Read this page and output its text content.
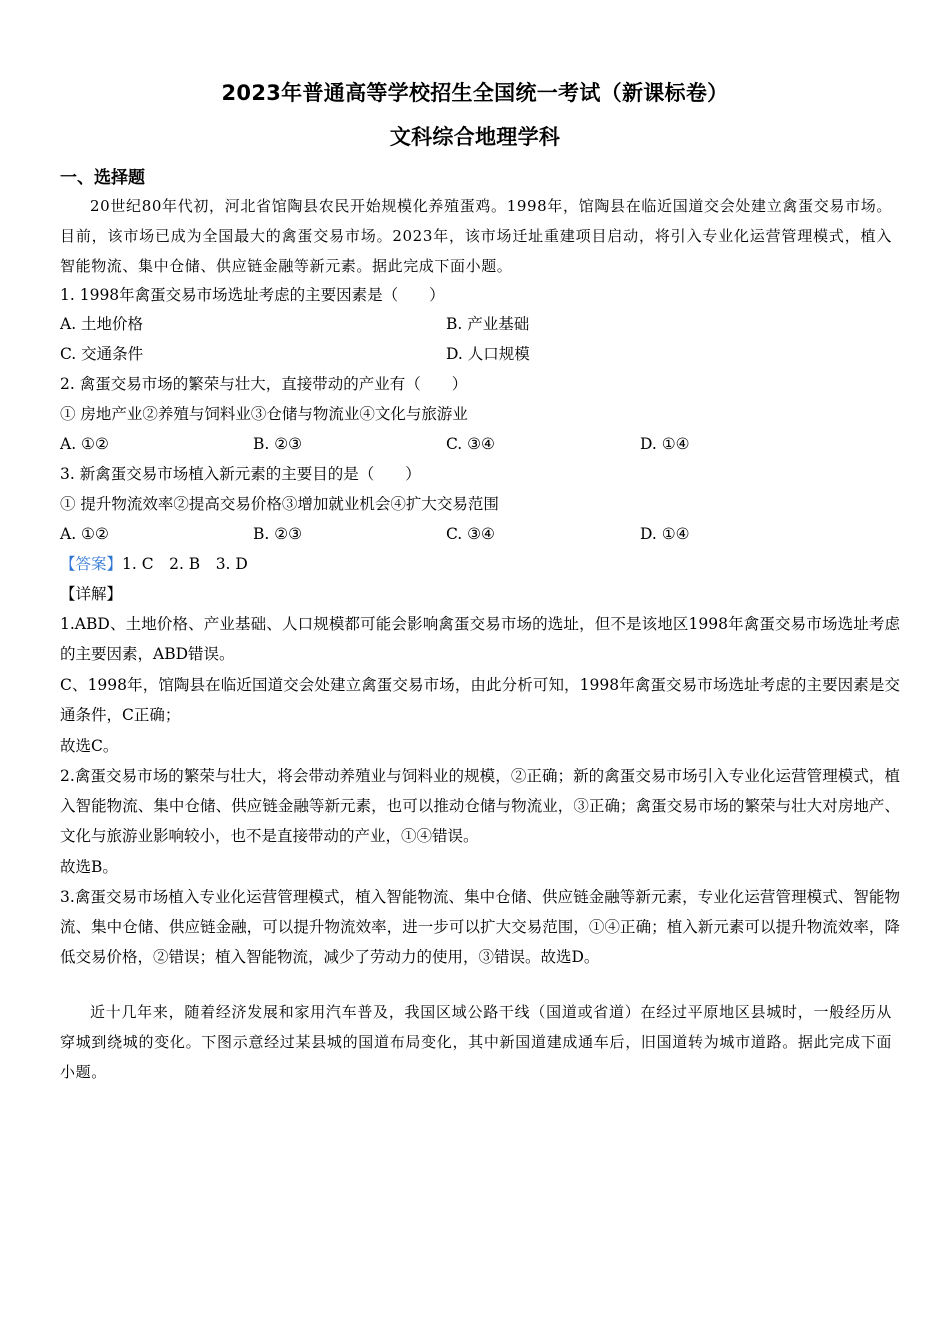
2023年普通高等学校招生全国统一考试（新课标卷）
文科综合地理学科
一、选择题
20世纪80年代初，河北省馆陶县农民开始规模化养殖蛋鸡。1998年，馆陶县在临近国道交会处建立禽蛋交易市场。目前，该市场已成为全国最大的禽蛋交易市场。2023年，该市场迁址重建项目启动，将引入专业化运营管理模式，植入智能物流、集中仓储、供应链金融等新元素。据此完成下面小题。
1. 1998年禽蛋交易市场选址考虑的主要因素是（　　）
A. 土地价格	B. 产业基础
C. 交通条件	D. 人口规模
2. 禽蛋交易市场的繁荣与壮大，直接带动的产业有（　　）
① 房地产业②养殖与饲料业③仓储与物流业④文化与旅游业
A. ①②	B. ②③	C. ③④	D. ①④
3. 新禽蛋交易市场植入新元素的主要目的是（　　）
① 提升物流效率②提高交易价格③增加就业机会④扩大交易范围
A. ①②	B. ②③	C. ③④	D. ①④
【答案】1. C　2. B　3. D
【详解】
1.ABD、土地价格、产业基础、人口规模都可能会影响禽蛋交易市场的选址，但不是该地区1998年禽蛋交易市场选址考虑的主要因素，ABD错误。
C、1998年，馆陶县在临近国道交会处建立禽蛋交易市场，由此分析可知，1998年禽蛋交易市场选址考虑的主要因素是交通条件，C正确；
故选C。
2.禽蛋交易市场的繁荣与壮大，将会带动养殖业与饲料业的规模，②正确；新的禽蛋交易市场引入专业化运营管理模式，植入智能物流、集中仓储、供应链金融等新元素，也可以推动仓储与物流业，③正确；禽蛋交易市场的繁荣与壮大对房地产、文化与旅游业影响较小，也不是直接带动的产业，①④错误。
故选B。
3.禽蛋交易市场植入专业化运营管理模式，植入智能物流、集中仓储、供应链金融等新元素，专业化运营管理模式、智能物流、集中仓储、供应链金融，可以提升物流效率，进一步可以扩大交易范围，①④正确；植入新元素可以提升物流效率，降低交易价格，②错误；植入智能物流，减少了劳动力的使用，③错误。故选D。
近十几年来，随着经济发展和家用汽车普及，我国区域公路干线（国道或省道）在经过平原地区县城时，一般经历从穿城到绕城的变化。下图示意经过某县城的国道布局变化，其中新国道建成通车后，旧国道转为城市道路。据此完成下面小题。
